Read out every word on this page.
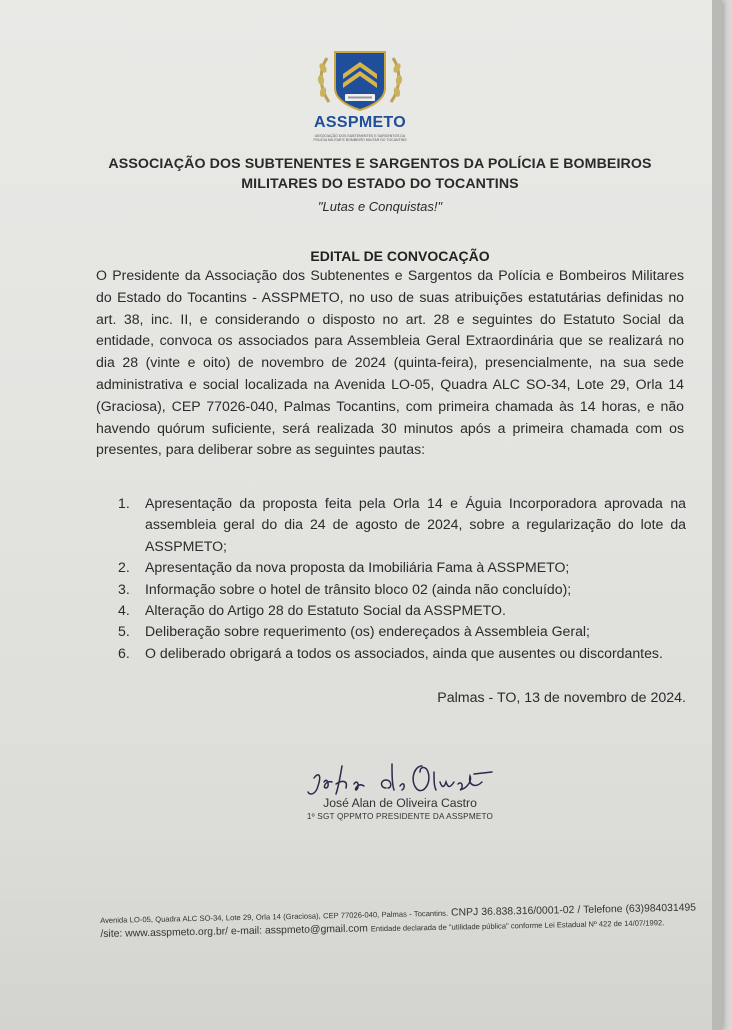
ASSPMETO
ASSOCIAÇÃO DOS SUBTENENTES E SARGENTOS DA POLÍCIA MILITAR E BOMBEIRO MILITAR DO TOCANTINS
ASSOCIAÇÃO DOS SUBTENENTES E SARGENTOS DA POLÍCIA E BOMBEIROS
MILITARES DO ESTADO DO TOCANTINS
"Lutas e Conquistas!"
EDITAL DE CONVOCAÇÃO
O Presidente da Associação dos Subtenentes e Sargentos da Polícia e Bombeiros Militares do Estado do Tocantins - ASSPMETO, no uso de suas atribuições estatutárias definidas no art. 38, inc. II, e considerando o disposto no art. 28 e seguintes do Estatuto Social da entidade, convoca os associados para Assembleia Geral Extraordinária que se realizará no dia 28 (vinte e oito) de novembro de 2024 (quinta-feira), presencialmente, na sua sede administrativa e social localizada na Avenida LO-05, Quadra ALC SO-34, Lote 29, Orla 14 (Graciosa), CEP 77026-040, Palmas Tocantins, com primeira chamada às 14 horas, e não havendo quórum suficiente, será realizada 30 minutos após a primeira chamada com os presentes, para deliberar sobre as seguintes pautas:
1. Apresentação da proposta feita pela Orla 14 e Águia Incorporadora aprovada na assembleia geral do dia 24 de agosto de 2024, sobre a regularização do lote da ASSPMETO;
2. Apresentação da nova proposta da Imobiliária Fama à ASSPMETO;
3. Informação sobre o hotel de trânsito bloco 02 (ainda não concluído);
4. Alteração do Artigo 28 do Estatuto Social da ASSPMETO.
5. Deliberação sobre requerimento (os) endereçados à Assembleia Geral;
6. O deliberado obrigará a todos os associados, ainda que ausentes ou discordantes.
Palmas - TO, 13 de novembro de 2024.
José Alan de Oliveira Castro
1º SGT QPPMTO PRESIDENTE DA ASSPMETO
Avenida LO-05, Quadra ALC SO-34, Lote 29, Orla 14 (Graciosa), CEP 77026-040, Palmas - Tocantins. CNPJ 36.838.316/0001-02 / Telefone (63)984031495 /site: www.asspmeto.org.br/ e-mail: asspmeto@gmail.com Entidade declarada de "utilidade pública" conforme Lei Estadual Nº 422 de 14/07/1992.
